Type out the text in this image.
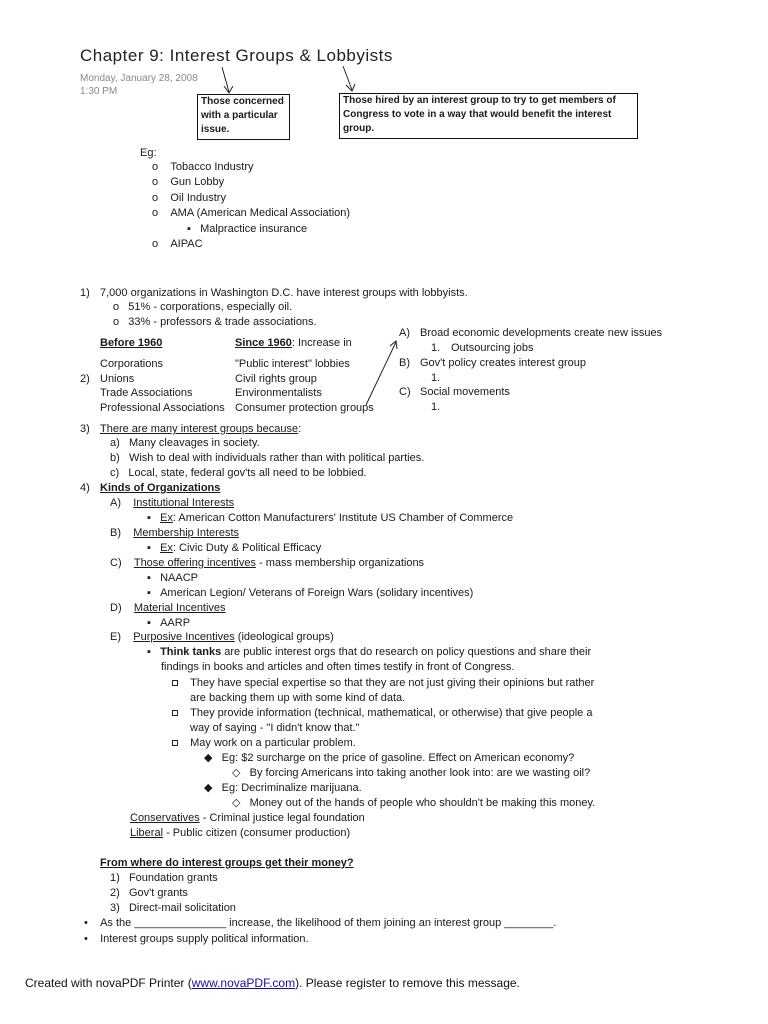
Chapter 9: Interest Groups & Lobbyists
Monday, January 28, 2008
1:30 PM
Those concerned with a particular issue.
Those hired by an interest group to try to get members of Congress to vote in a way that would benefit the interest group.
Eg:
o    Tobacco Industry
o    Gun Lobby
o    Oil Industry
o    AMA (American Medical Association)
▪   Malpractice insurance
o    AIPAC
1) 7,000 organizations in Washington D.C. have interest groups with lobbyists.
o   51% - corporations, especially oil.
o   33% - professors & trade associations.
Before 1960	Since 1960: Increase in
Corporations
2) Unions
Trade Associations
Professional Associations
"Public interest" lobbies
Civil rights group
Environmentalists
Consumer protection groups
A) Broad economic developments create new issues
1. Outsourcing jobs
B) Gov't policy creates interest group
1.
C) Social movements
1.
3) There are many interest groups because:
a) Many cleavages in society.
b) Wish to deal with individuals rather than with political parties.
c) Local, state, federal gov'ts all need to be lobbied.
4) Kinds of Organizations
A) Institutional Interests
▪   Ex: American Cotton Manufacturers' Institute US Chamber of Commerce
B) Membership Interests
▪   Ex: Civic Duty & Political Efficacy
C) Those offering incentives - mass membership organizations
▪   NAACP
▪   American Legion/ Veterans of Foreign Wars (solidary incentives)
D) Material Incentives
▪   AARP
E) Purposive Incentives (ideological groups)
▪   Think tanks are public interest orgs that do research on policy questions and share their
findings in books and articles and often times testify in front of Congress.
They have special expertise so that they are not just giving their opinions but rather
are backing them up with some kind of data.
They provide information (technical, mathematical, or otherwise) that give people a
way of saying - "I didn't know that."
May work on a particular problem.
◆   Eg: $2 surcharge on the price of gasoline. Effect on American economy?
◇   By forcing Americans into taking another look into: are we wasting oil?
◆   Eg: Decriminalize marijuana.
◇   Money out of the hands of people who shouldn't be making this money.
Conservatives - Criminal justice legal foundation
Liberal - Public citizen (consumer production)
From where do interest groups get their money?
1) Foundation grants
2) Gov't grants
3) Direct-mail solicitation
•    As the _______________ increase, the likelihood of them joining an interest group ________.
•    Interest groups supply political information.
Created with novaPDF Printer (www.novaPDF.com). Please register to remove this message.
